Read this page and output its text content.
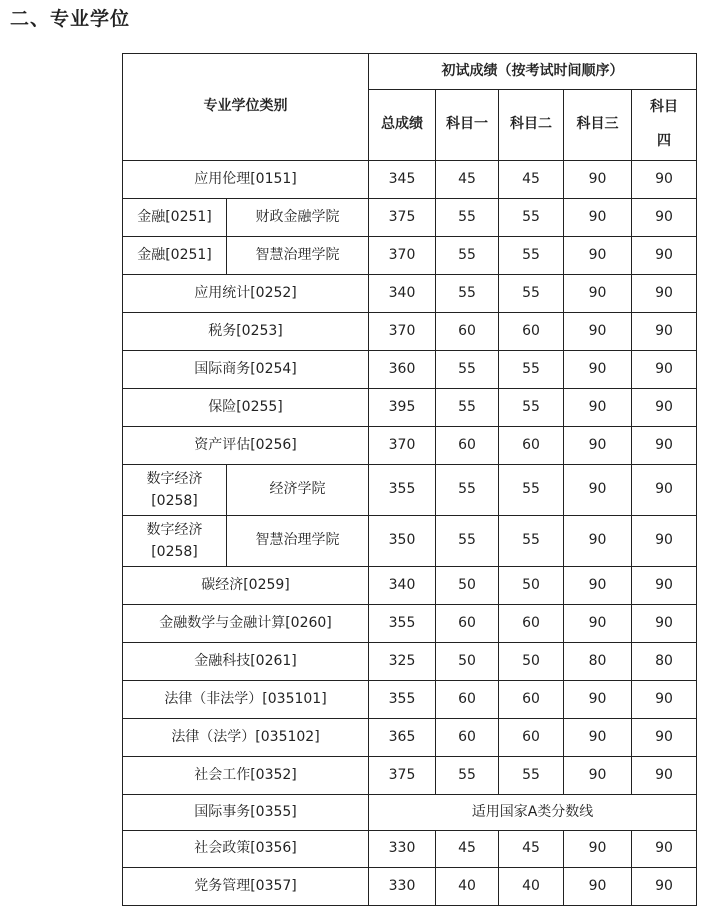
二、专业学位
专业学位类别		初试成绩（按考试时间顺序）				
		总成绩	科目一	科目二	科目三	科目四
应用伦理[0151]		345	45	45	90	90
金融[0251]	财政金融学院	375	55	55	90	90
金融[0251]	智慧治理学院	370	55	55	90	90
应用统计[0252]		340	55	55	90	90
税务[0253]		370	60	60	90	90
国际商务[0254]		360	55	55	90	90
保险[0255]		395	55	55	90	90
资产评估[0256]		370	60	60	90	90
数字经济[0258]	经济学院	355	55	55	90	90
数字经济[0258]	智慧治理学院	350	55	55	90	90
碳经济[0259]		340	50	50	90	90
金融数学与金融计算[0260]		355	60	60	90	90
金融科技[0261]		325	50	50	80	80
法律（非法学）[035101]		355	60	60	90	90
法律（法学）[035102]		365	60	60	90	90
社会工作[0352]		375	55	55	90	90
国际事务[0355]		适用国家A类分数线				
社会政策[0356]		330	45	45	90	90
党务管理[0357]		330	40	40	90	90
